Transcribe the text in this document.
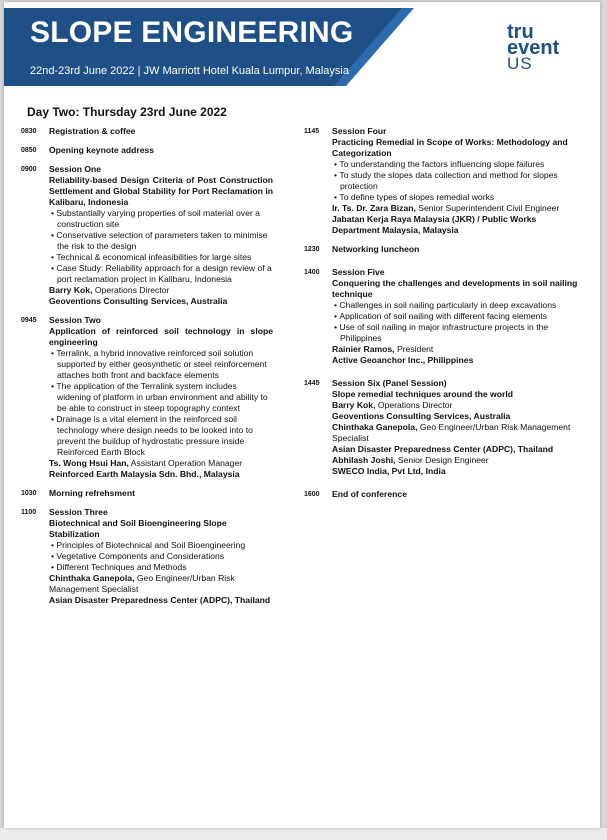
SLOPE ENGINEERING
22nd-23rd June 2022 | JW Marriott Hotel Kuala Lumpur, Malaysia
tru
event
US
Day Two: Thursday 23rd June 2022
0830	Registration & coffee
0850	Opening keynote address
0900	Session One
Reliability-based Design Criteria of Post Construction Settlement and Global Stability for Port Reclamation in Kalibaru, Indonesia
• Substantially varying properties of soil material over a construction site
• Conservative selection of parameters taken to minimise the risk to the design
• Technical & economical infeasibilities for large sites
• Case Study: Reliability approach for a design review of a port reclamation project in Kalibaru, Indonesia
Barry Kok, Operations Director
Geoventions Consulting Services, Australia
0945	Session Two
Application of reinforced soil technology in slope engineering
• Terralink, a hybrid innovative reinforced soil solution supported by either geosynthetic or steel reinforcement attaches both front and backface elements
• The application of the Terralink system includes widening of platform in urban environment and ability to be able to construct in steep topography context
• Drainage is a vital element in the reinforced soil technology where design needs to be looked into to prevent the buildup of hydrostatic pressure inside Reinforced Earth Block
Ts. Wong Hsui Han, Assistant Operation Manager
Reinforced Earth Malaysia Sdn. Bhd., Malaysia
1030	Morning refrehsment
1100	Session Three
Biotechnical and Soil Bioengineering Slope Stabilization
• Principles of Biotechnical and Soil Bioengineering
• Vegetative Components and Considerations
• Different Techniques and Methods
Chinthaka Ganepola, Geo Engineer/Urban Risk Management Specialist
Asian Disaster Preparedness Center (ADPC), Thailand
1145	Session Four
Practicing Remedial in Scope of Works: Methodology and Categorization
• To understanding the factors influencing slope failures
• To study the slopes data collection and method for slopes protection
• To define types of slopes remedial works
Ir. Ts. Dr. Zara Bizan, Senior Superintendent Civil Engineer
Jabatan Kerja Raya Malaysia (JKR) / Public Works Department Malaysia, Malaysia
1230	Networking luncheon
1400	Session Five
Conquering the challenges and developments in soil nailing technique
• Challenges in soil nailing particularly in deep excavations
• Application of soil nailing with different facing elements
• Use of soil nailing in major infrastructure projects in the Philippines
Rainier Ramos, President
Active Geoanchor Inc., Philippines
1445	Session Six (Panel Session)
Slope remedial techniques around the world
Barry Kok, Operations Director
Geoventions Consulting Services, Australia
Chinthaka Ganepola, Geo Engineer/Urban Risk Management Specialist
Asian Disaster Preparedness Center (ADPC), Thailand
Abhilash Joshi, Senior Design Engineer
SWECO India, Pvt Ltd, India
1600	End of conference
